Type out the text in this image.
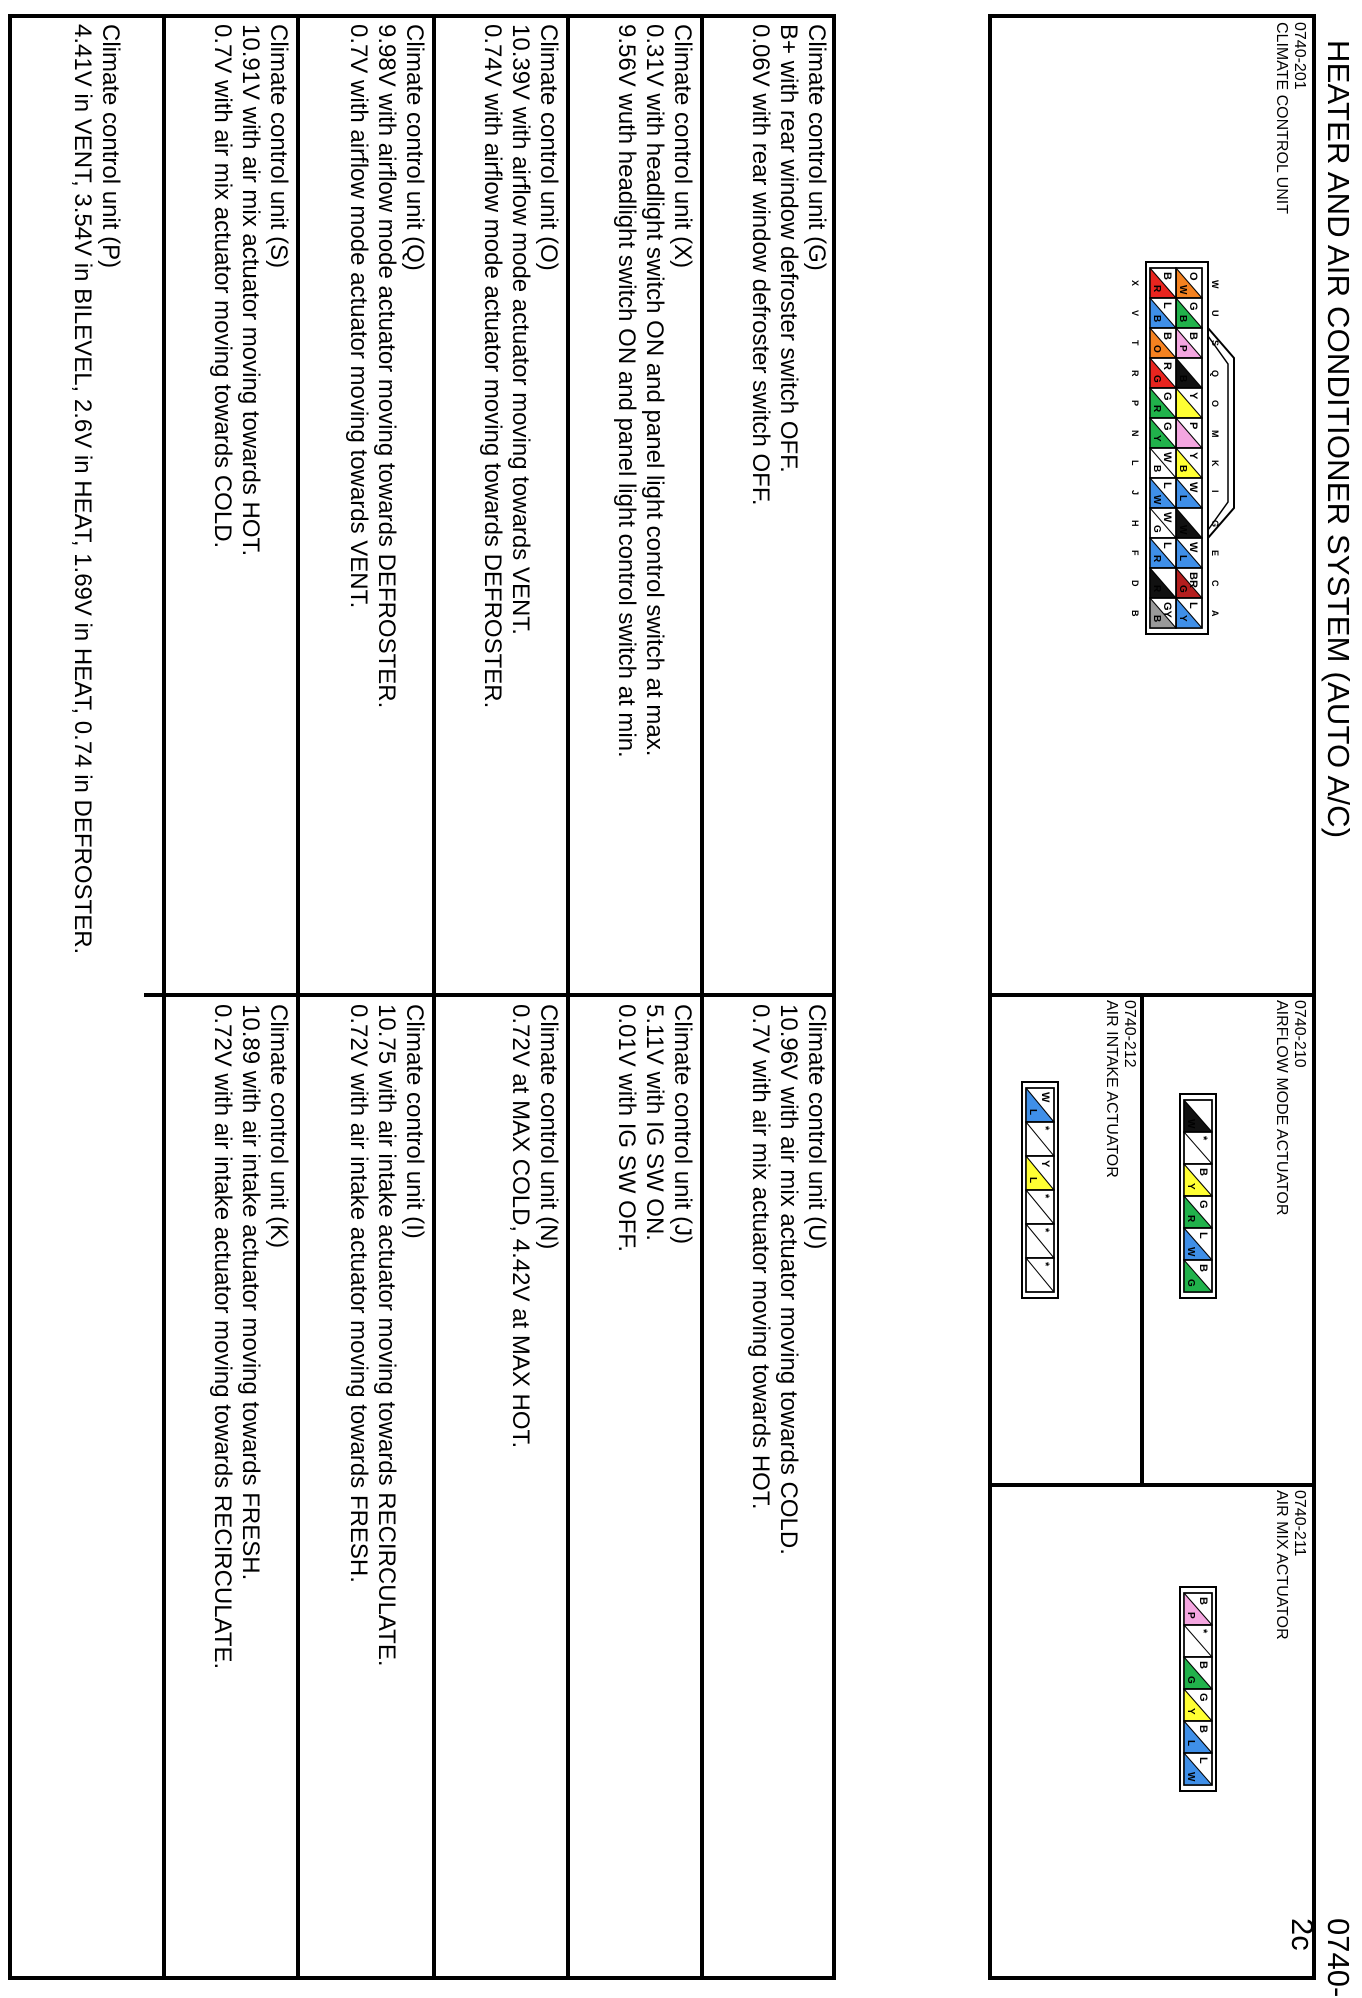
HEATER AND AIR CONDITIONER SYSTEM (AUTO A/C)
0740-2c
0740-201
CLIMATE CONTROL UNIT
0740-210
AIRFLOW MODE ACTUATOR
0740-211
AIR MIX ACTUATOR
0740-212
AIR INTAKE ACTUATOR
O
W
G
B
B
P
W
B
Y
P
Y
B
W
L
B
W
W
L
BR
G
L
Y
B
R
L
B
B
O
R
G
G
R
G
Y
W
B
L
W
W
G
L
R
B
R
GY
B
W
U
S
Q
O
M
K
I
G
E
C
A
X
V
T
R
P
N
L
J
H
F
D
B
B
W
*
B
Y
G
R
L
W
B
G
B
P
*
B
G
G
Y
B
L
L
W
W
L
*
Y
L
*
*
*
Climate control unit (G)
B+ with rear window defroster switch OFF.
0.06V with rear window defroster switch OFF.
Climate control unit (X)
0.31V with headlight switch ON and panel light control switch at max.
9.56V wuth headlight switch ON and panel light control switch at min.
Climate control unit (O)
10.39V with airflow mode actuator moving towards VENT.
0.74V with airflow mode actuator moving towards DEFROSTER.
Climate control unit (Q)
9.98V with airflow mode actuator moving towards DEFROSTER.
0.7V with airflow mode actuator moving towards VENT.
Climate control unit (S)
10.91V with air mix actuator moving towards HOT.
0.7V with air mix actuator moving towards COLD.
Climate control unit (U)
10.96V with air mix actuator moving towards COLD.
0.7V with air mix actuator moving towards HOT.
Climate control unit (J)
5.11V with IG SW ON.
0.01V with IG SW OFF.
Climate control unit (N)
0.72V at MAX COLD, 4.42V at MAX HOT.
Climate control unit (I)
10.75 with air intake actuator moving towards RECIRCULATE.
0.72V with air intake actuator moving towards FRESH.
Climate control unit (K)
10.89 with air intake actuator moving towards FRESH.
0.72V with air intake actuator moving towards RECIRCULATE.
Climate control unit (P)
4.41V in VENT, 3.54V in BILEVEL, 2.6V in HEAT, 1.69V in HEAT, 0.74 in DEFROSTER.
